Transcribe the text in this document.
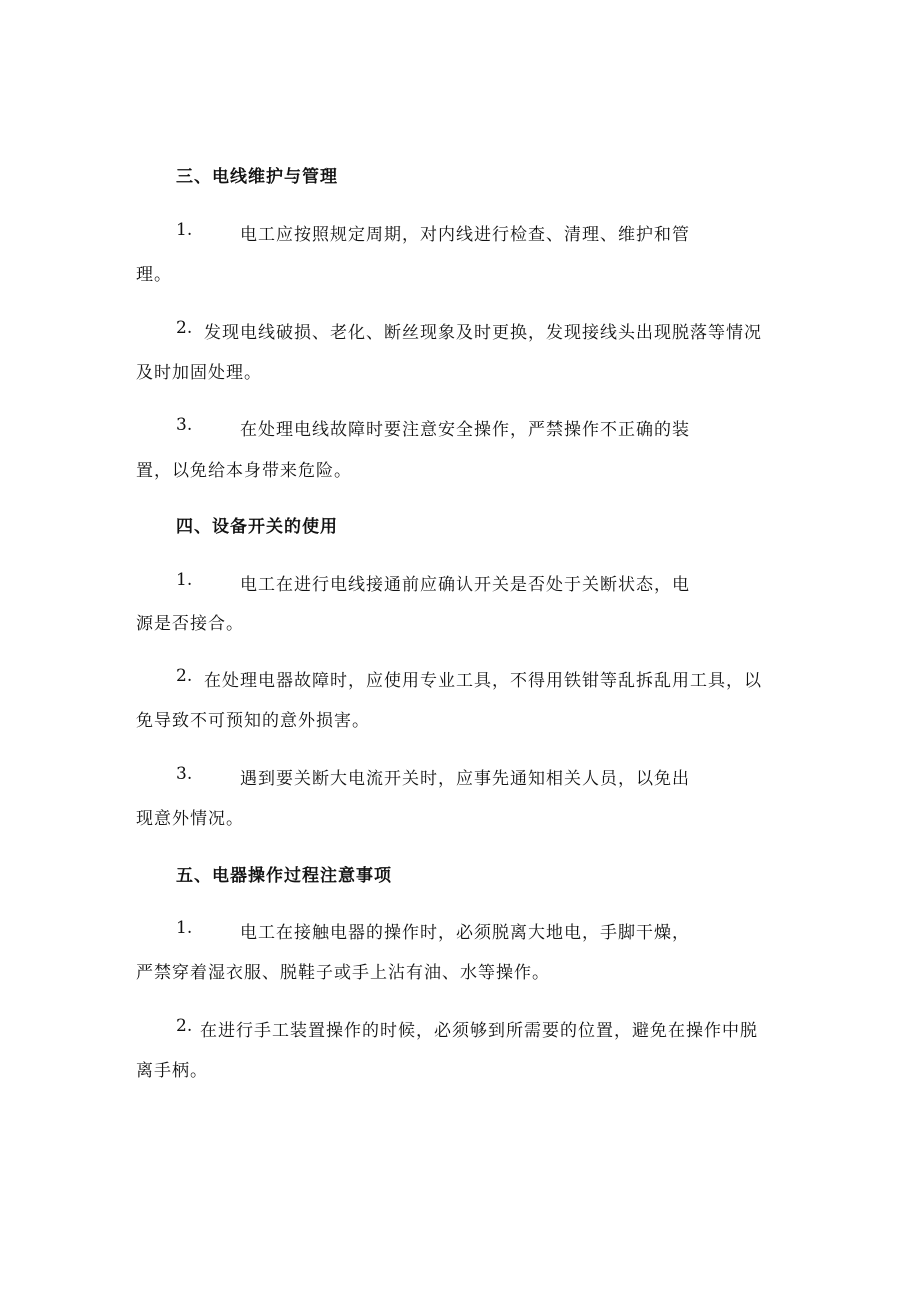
三、电线维护与管理
1.	电工应按照规定周期，对内线进行检查、清理、维护和管
理。
2. 发现电线破损、老化、断丝现象及时更换，发现接线头出现脱落等情况
及时加固处理。
3.	在处理电线故障时要注意安全操作，严禁操作不正确的装
置，以免给本身带来危险。
四、设备开关的使用
1.	电工在进行电线接通前应确认开关是否处于关断状态，电
源是否接合。
2. 在处理电器故障时，应使用专业工具，不得用铁钳等乱拆乱用工具，以
免导致不可预知的意外损害。
3.	遇到要关断大电流开关时，应事先通知相关人员，以免出
现意外情况。
五、电器操作过程注意事项
1.	电工在接触电器的操作时，必须脱离大地电，手脚干燥，
严禁穿着湿衣服、脱鞋子或手上沾有油、水等操作。
2. 在进行手工装置操作的时候，必须够到所需要的位置，避免在操作中脱
离手柄。
